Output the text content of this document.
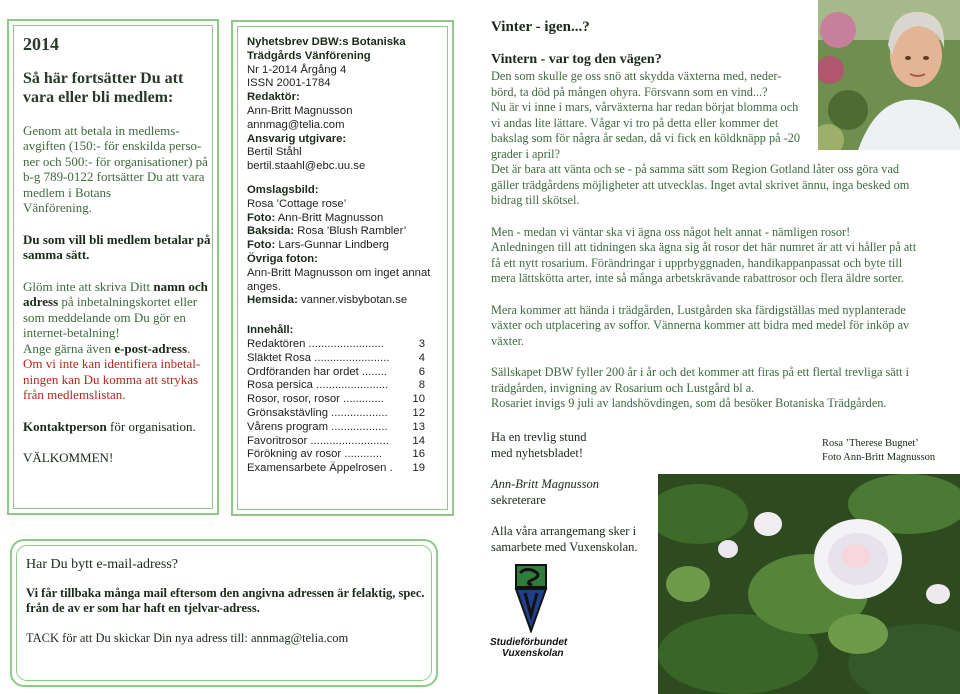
2014
Så här fortsätter Du att vara eller bli medlem:

Genom att betala in medlems-
avgiften (150:- för enskilda perso-
ner och 500:- för organisationer) på
b-g 789-0122 fortsätter Du att vara
medlem i Botans
Vänförening.

Du som vill bli medlem betalar på
samma sätt.

Glöm inte att skriva Ditt namn och adress på inbetalningskortet eller som meddelande om Du gör en internet-betalning!

Ange gärna även e-post-adress.

Om vi inte kan identifiera inbetal-
ningen kan Du komma att strykas
från medlemslistan.

Kontaktperson för organisation.

VÄLKOMMEN!

Nyhetsbrev DBW:s Botaniska Trädgårds Vänförening

Nr 1-2014 Årgång 4

ISSN 2001-1784

Redaktör:

Ann-Britt Magnusson

annmag@telia.com

Ansvarig utgivare:

Bertil Ståhl

bertil.staahl@ebc.uu.se

Omslagsbild:

Rosa ’Cottage rose’

Foto: Ann-Britt Magnusson

Baksida: Rosa ’Blush Rambler’

Foto: Lars-Gunnar Lindberg

Övriga foton:

Ann-Britt Magnusson om inget annat anges.

Hemsida: vanner.visbybotan.se

Innehåll:

Redaktören ........................	3
Släktet Rosa ........................	4
Ordföranden har ordet ........	6
Rosa persica .......................	8
Rosor, rosor, rosor .............	10
Grönsakstävling .................. 12
Vårens program .................. 13
Favoritrosor ......................... 14
Förökning av rosor ............	16
Examensarbete Äppelrosen . 19

Har Du bytt e-mail-adress?

Vi får tillbaka många mail eftersom den angivna adressen är felaktig, spec.

från de av er som har haft en tjelvar-adress.

TACK för att Du skickar Din nya adress till: annmag@telia.com

Vinter - igen...?

Vintern - var tog den vägen?

Den som skulle ge oss snö att skydda växterna med, neder-
börd, ta död på mången ohyra. Försvann som en vind...?
Nu är vi inne i mars, vårväxterna har redan börjat blomma och
vi andas lite lättare. Vågar vi tro på detta eller kommer det
bakslag som för några år sedan, då vi fick en köldknäpp på -20
grader i april?
Det är bara att vänta och se - på samma sätt som Region Gotland låter oss göra vad
gäller trädgårdens möjligheter att utvecklas. Inget avtal skrivet ännu, inga besked om
bidrag till skötsel.

Men - medan vi väntar ska vi ägna oss något helt annat - nämligen rosor!
Anledningen till att tidningen ska ägna sig åt rosor det här numret är att vi håller på att
få ett nytt rosarium. Förändringar i upprbyggnaden, handikappanpassat och byte till
mera lättskötta arter, inte så många arbetskrävande rabattrosor och flera äldre sorter.

Mera kommer att hända i trädgården, Lustgården ska färdigställas med nyplanterade
växter och utplacering av soffor. Vännerna kommer att bidra med medel för inköp av
växter.

Sällskapet DBW fyller 200 år i år och det kommer att firas på ett flertal trevliga sätt i
trädgården, invigning av Rosarium och Lustgård bl a.
Rosariet invigs 9 juli av landshövdingen, som då besöker Botaniska Trädgården.

Ha en trevlig stund
med nyhetsbladet!

Ann-Britt Magnusson

sekreterare

Alla våra arrangemang sker i
samarbete med Vuxenskolan.

Studieförbundet

Vuxenskolan

Rosa ’Therese Bugnet’
Foto Ann-Britt Magnusson
